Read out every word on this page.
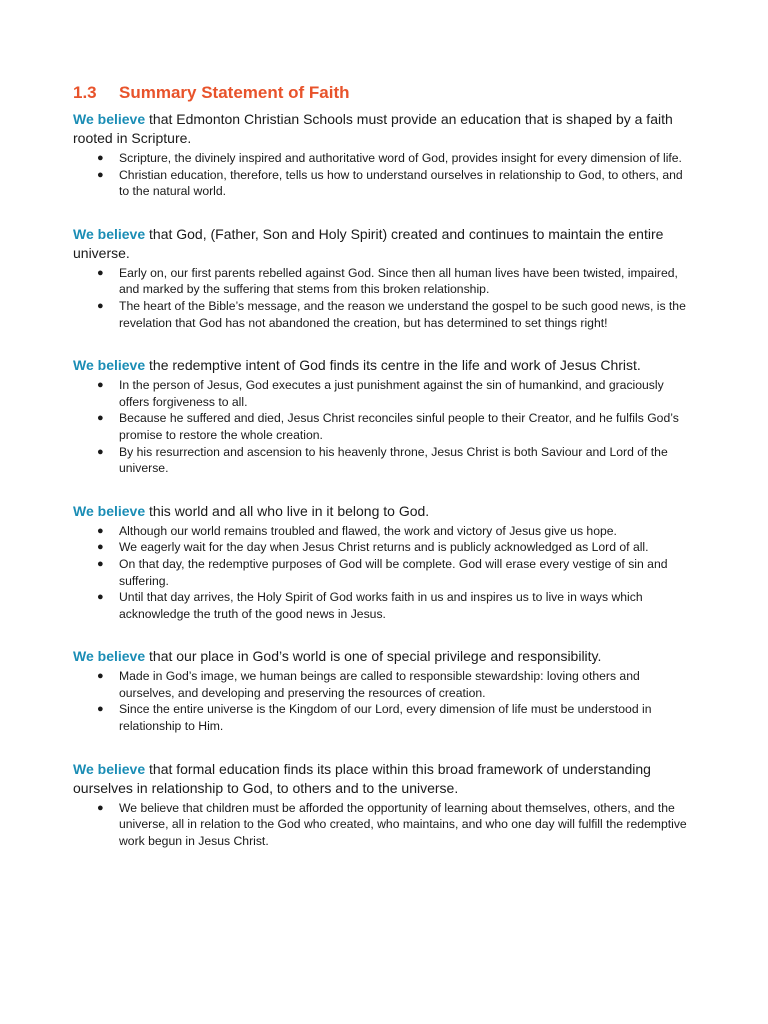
1.3 Summary Statement of Faith

We believe that Edmonton Christian Schools must provide an education that is shaped by a faith rooted in Scripture.

● Scripture, the divinely inspired and authoritative word of God, provides insight for every dimension of life.
● Christian education, therefore, tells us how to understand ourselves in relationship to God, to others, and to the natural world.

We believe that God, (Father, Son and Holy Spirit) created and continues to maintain the entire universe.

● Early on, our first parents rebelled against God. Since then all human lives have been twisted, impaired, and marked by the suffering that stems from this broken relationship.
● The heart of the Bible’s message, and the reason we understand the gospel to be such good news, is the revelation that God has not abandoned the creation, but has determined to set things right!

We believe the redemptive intent of God finds its centre in the life and work of Jesus Christ.

● In the person of Jesus, God executes a just punishment against the sin of humankind, and graciously offers forgiveness to all.
● Because he suffered and died, Jesus Christ reconciles sinful people to their Creator, and he fulfils God’s promise to restore the whole creation.
● By his resurrection and ascension to his heavenly throne, Jesus Christ is both Saviour and Lord of the universe.

We believe this world and all who live in it belong to God.

● Although our world remains troubled and flawed, the work and victory of Jesus give us hope.
● We eagerly wait for the day when Jesus Christ returns and is publicly acknowledged as Lord of all.
● On that day, the redemptive purposes of God will be complete. God will erase every vestige of sin and suffering.
● Until that day arrives, the Holy Spirit of God works faith in us and inspires us to live in ways which acknowledge the truth of the good news in Jesus.

We believe that our place in God’s world is one of special privilege and responsibility.

● Made in God’s image, we human beings are called to responsible stewardship: loving others and ourselves, and developing and preserving the resources of creation.
● Since the entire universe is the Kingdom of our Lord, every dimension of life must be understood in relationship to Him.

We believe that formal education finds its place within this broad framework of understanding ourselves in relationship to God, to others and to the universe.

● We believe that children must be afforded the opportunity of learning about themselves, others, and the universe, all in relation to the God who created, who maintains, and who one day will fulfill the redemptive work begun in Jesus Christ.
